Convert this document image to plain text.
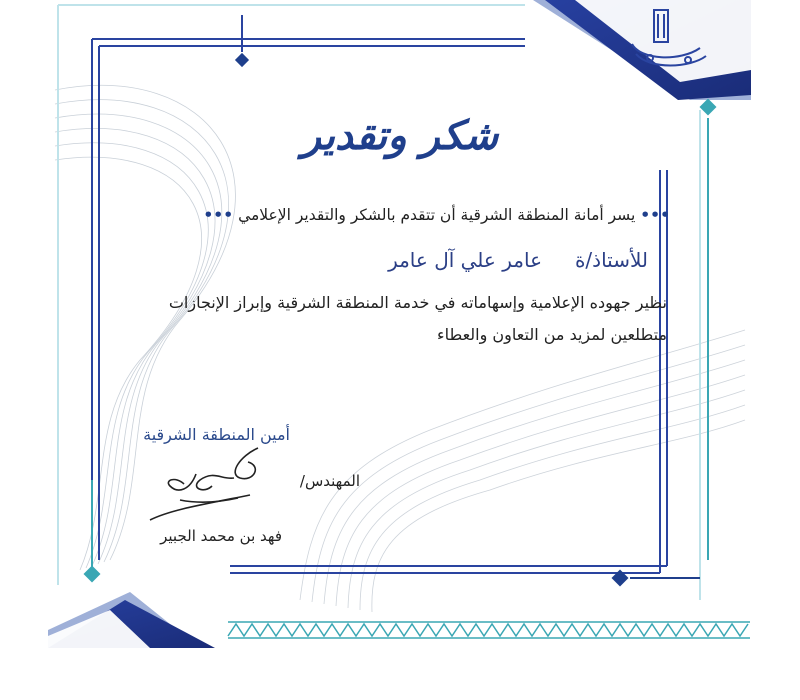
شكر وتقدير
••• يسر أمانة المنطقة الشرقية أن تتقدم بالشكر والتقدير الإعلامي •••
للأستاذ/ة
عامر علي آل عامر
نظير جهوده الإعلامية وإسهاماته في خدمة المنطقة الشرقية وإبراز الإنجازات
متطلعين لمزيد من التعاون والعطاء
أمين المنطقة الشرقية
المهندس/
فهد بن محمد الجبير
